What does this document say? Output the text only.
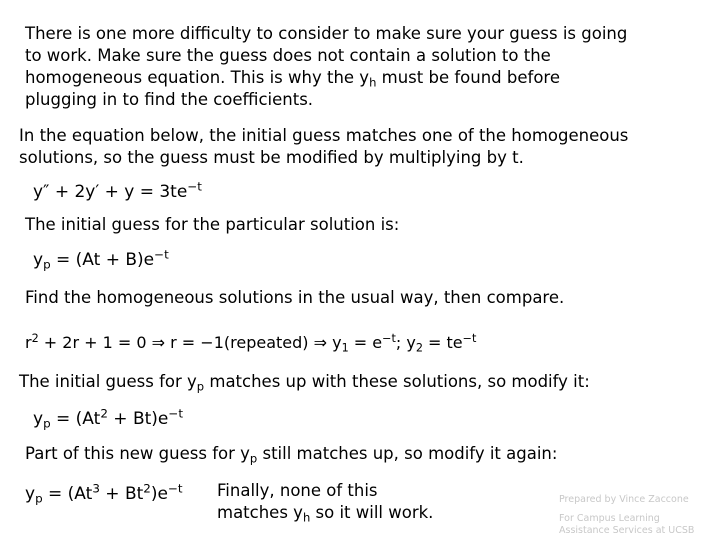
There is one more difficulty to consider to make sure your guess is going
to work. Make sure the guess does not contain a solution to the
homogeneous equation. This is why the $y_h$ must be found before
plugging in to find the coefficients.
In the equation below, the initial guess matches one of the homogeneous
solutions, so the guess must be modified by multiplying by t.
$y'' + 2y' + y = 3te^{-t}$
The initial guess for the particular solution is:
$y_p = (At + B)e^{-t}$
Find the homogeneous solutions in the usual way, then compare.
$r^2 + 2r + 1 = 0$ ⇒ r = −1(repeated) ⇒ $y_1 = e^{-t}$; $y_2 = te^{-t}$
The initial guess for $y_p$ matches up with these solutions, so modify it:
$y_p = (At^2 + Bt)e^{-t}$
Part of this new guess for $y_p$ still matches up, so modify it again:
$y_p = (At^3 + Bt^2)e^{-t}$ Finally, none of this
matches $y_h$ so it will work.
Prepared by Vince Zaccone
For Campus Learning
Assistance Services at UCSB
